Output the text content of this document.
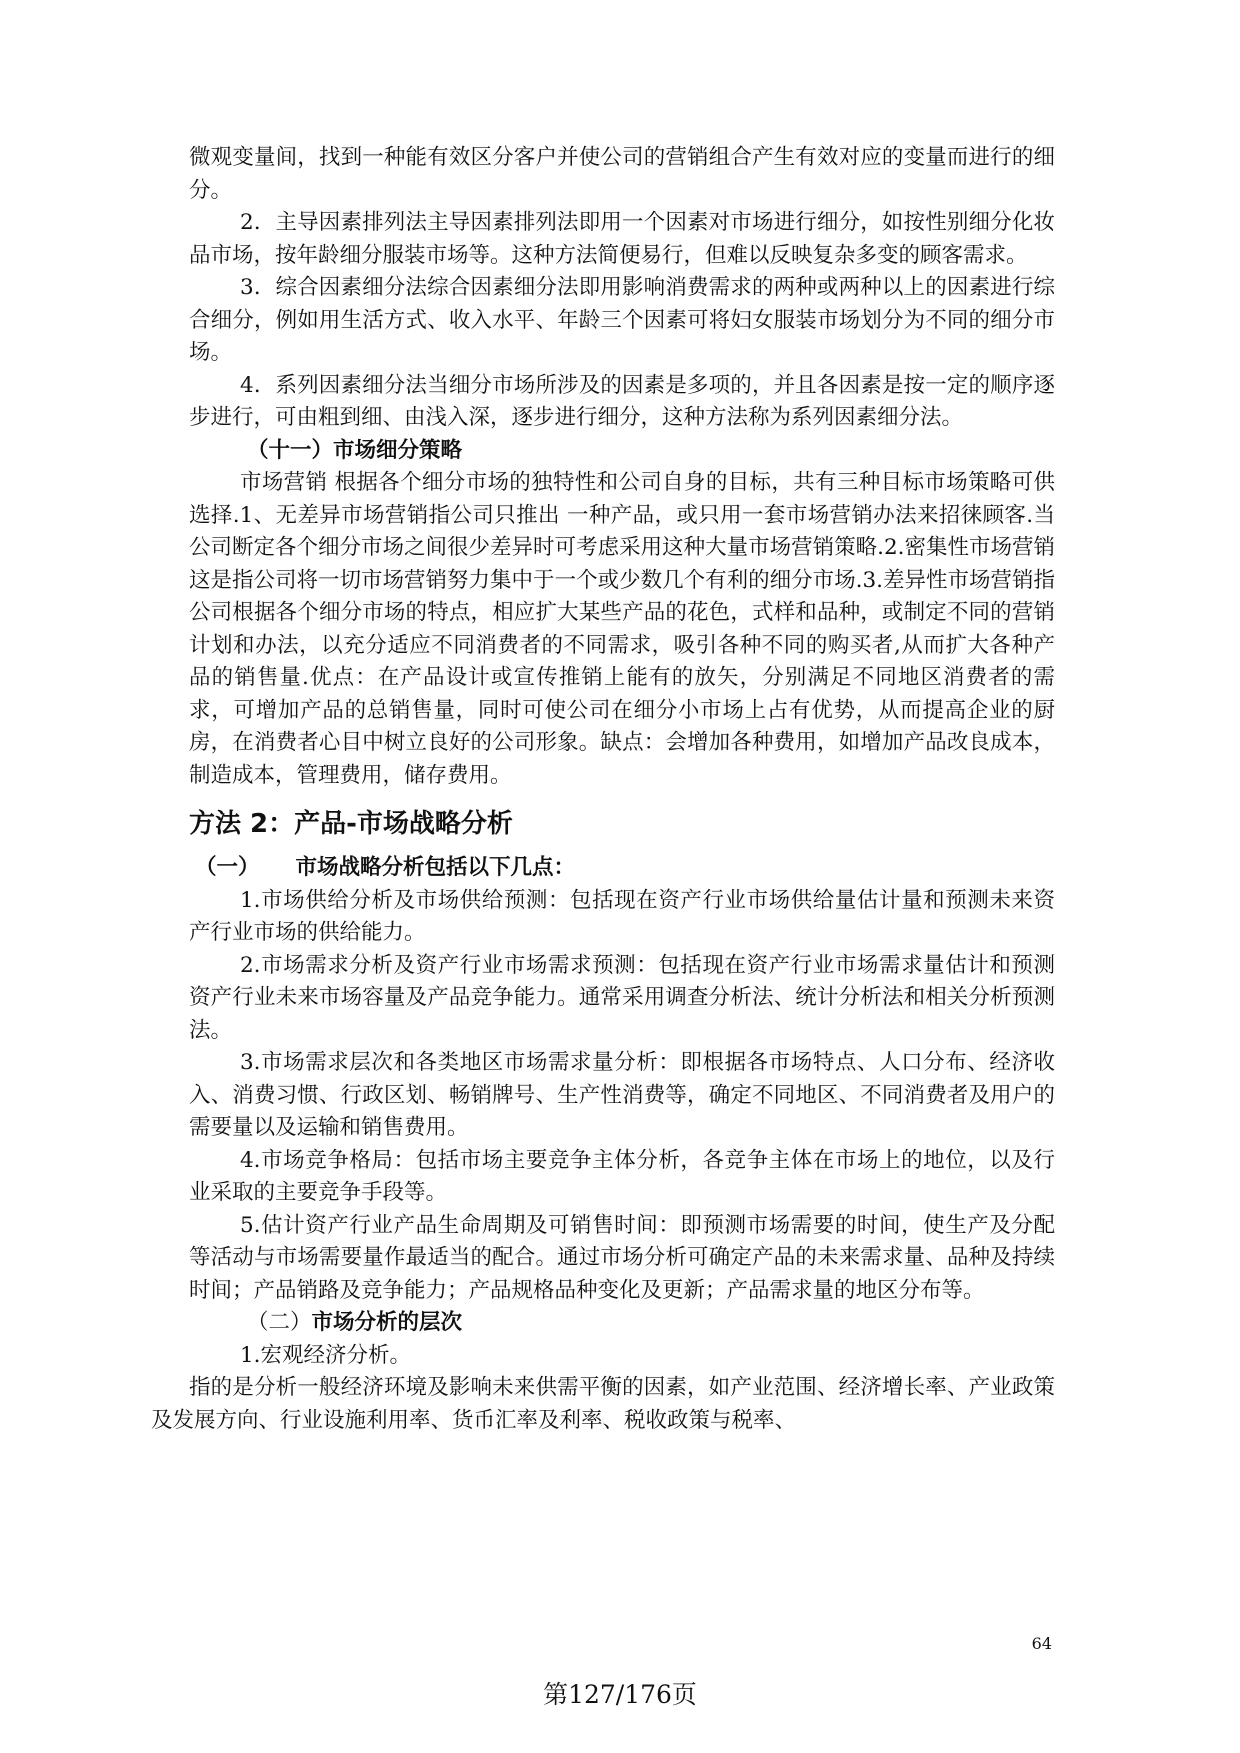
微观变量间，找到一种能有效区分客户并使公司的营销组合产生有效对应的变量而进行的细分。

2．主导因素排列法主导因素排列法即用一个因素对市场进行细分，如按性别细分化妆品市场，按年龄细分服装市场等。这种方法简便易行，但难以反映复杂多变的顾客需求。

3．综合因素细分法综合因素细分法即用影响消费需求的两种或两种以上的因素进行综合细分，例如用生活方式、收入水平、年龄三个因素可将妇女服装市场划分为不同的细分市场。

4．系列因素细分法当细分市场所涉及的因素是多项的，并且各因素是按一定的顺序逐步进行，可由粗到细、由浅入深，逐步进行细分，这种方法称为系列因素细分法。

（十一）市场细分策略

市场营销 根据各个细分市场的独特性和公司自身的目标，共有三种目标市场策略可供选择.1、无差异市场营销指公司只推出 一种产品，或只用一套市场营销办法来招徕顾客.当公司断定各个细分市场之间很少差异时可考虑采用这种大量市场营销策略.2.密集性市场营销这是指公司将一切市场营销努力集中于一个或少数几个有利的细分市场.3.差异性市场营销指公司根据各个细分市场的特点，相应扩大某些产品的花色，式样和品种，或制定不同的营销计划和办法，以充分适应不同消费者的不同需求，吸引各种不同的购买者,从而扩大各种产品的销售量.优点：在产品设计或宣传推销上能有的放矢，分别满足不同地区消费者的需求，可增加产品的总销售量，同时可使公司在细分小市场上占有优势，从而提高企业的厨房，在消费者心目中树立良好的公司形象。缺点：会增加各种费用，如增加产品改良成本，制造成本，管理费用，储存费用。

方法 2：产品-市场战略分析

（一） 市场战略分析包括以下几点：

1.市场供给分析及市场供给预测：包括现在资产行业市场供给量估计量和预测未来资产行业市场的供给能力。

2.市场需求分析及资产行业市场需求预测：包括现在资产行业市场需求量估计和预测资产行业未来市场容量及产品竞争能力。通常采用调查分析法、统计分析法和相关分析预测法。

3.市场需求层次和各类地区市场需求量分析：即根据各市场特点、人口分布、经济收入、消费习惯、行政区划、畅销牌号、生产性消费等，确定不同地区、不同消费者及用户的需要量以及运输和销售费用。

4.市场竞争格局：包括市场主要竞争主体分析，各竞争主体在市场上的地位，以及行业采取的主要竞争手段等。

5.估计资产行业产品生命周期及可销售时间：即预测市场需要的时间，使生产及分配等活动与市场需要量作最适当的配合。通过市场分析可确定产品的未来需求量、品种及持续时间；产品销路及竞争能力；产品规格品种变化及更新；产品需求量的地区分布等。

（二）市场分析的层次

1.宏观经济分析。

指的是分析一般经济环境及影响未来供需平衡的因素，如产业范围、经济增长率、产业政策及发展方向、行业设施利用率、货币汇率及利率、税收政策与税率、

64
第127/176页
